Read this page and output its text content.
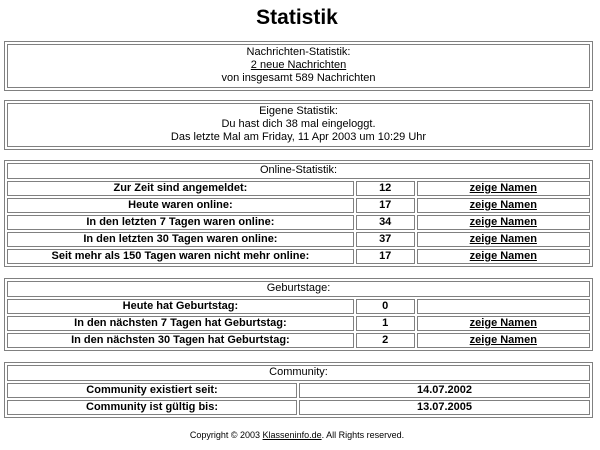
Statistik
Nachrichten-Statistik:
2 neue Nachrichten
von insgesamt 589 Nachrichten
Eigene Statistik:
Du hast dich 38 mal eingeloggt.
Das letzte Mal am Friday, 11 Apr 2003 um 10:29 Uhr
Online-Statistik:
Zur Zeit sind angemeldet:	12	zeige Namen
Heute waren online:	17	zeige Namen
In den letzten 7 Tagen waren online:	34	zeige Namen
In den letzten 30 Tagen waren online:	37	zeige Namen
Seit mehr als 150 Tagen waren nicht mehr online:	17	zeige Namen
Geburtstage:
Heute hat Geburtstag:	0
In den nächsten 7 Tagen hat Geburtstag:	1	zeige Namen
In den nächsten 30 Tagen hat Geburtstag:	2	zeige Namen
Community:
Community existiert seit:	14.07.2002
Community ist gültig bis:	13.07.2005
Copyright © 2003 Klasseninfo.de. All Rights reserved.
